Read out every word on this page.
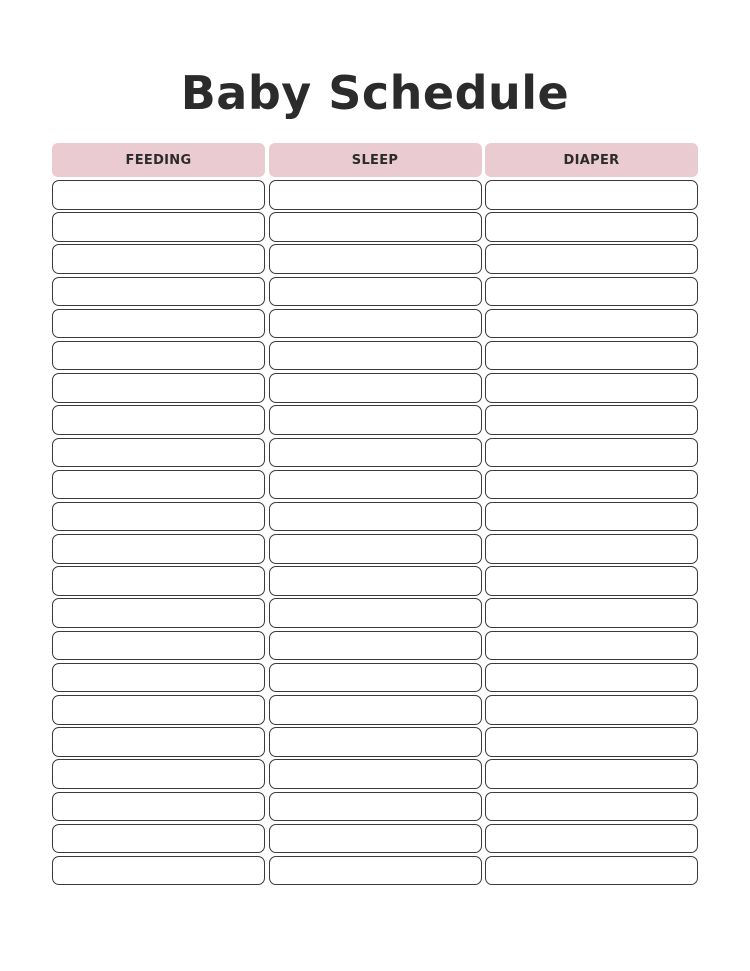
Baby Schedule
FEEDING	SLEEP	DIAPER
